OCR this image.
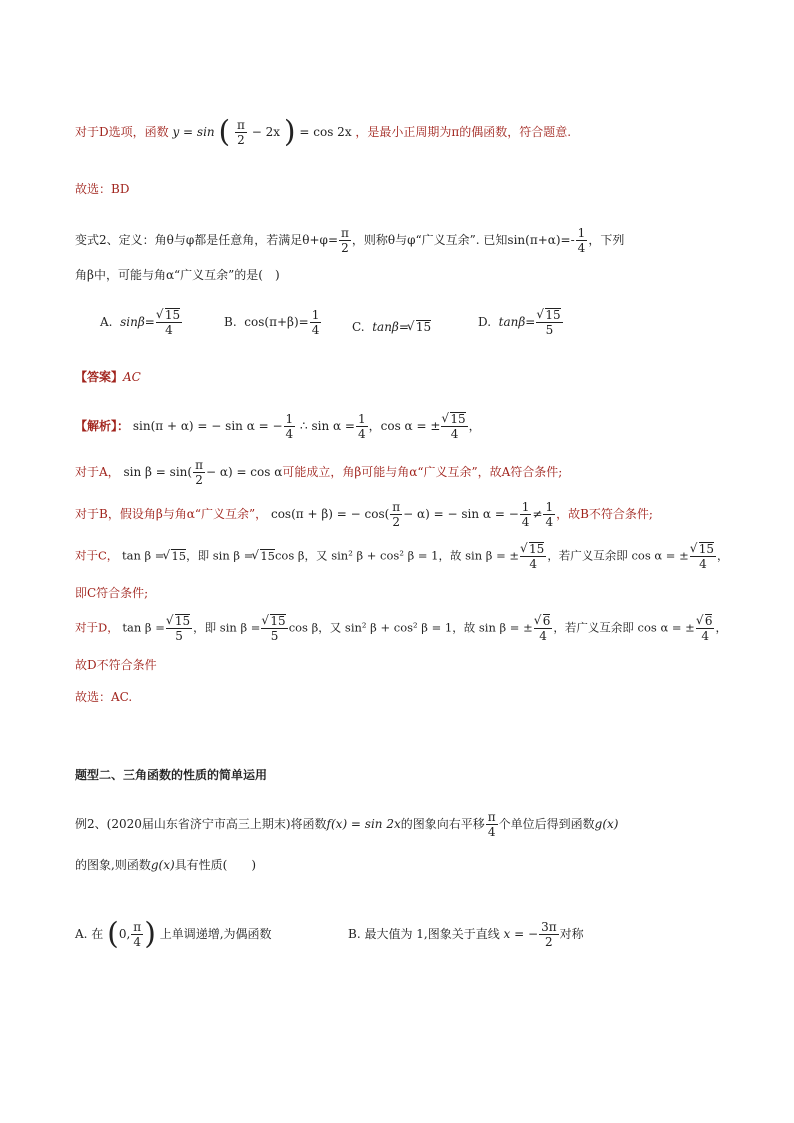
对于D选项，函数 y = sin ( $\frac{\pi}{2} - 2x$ ) = cos 2x ，是最小正周期为π的偶函数，符合题意.
故选：BD
变式2、定义：角θ与φ都是任意角，若满足$\theta+\varphi= \frac{\pi}{2}$ ，则称θ与φ“广义互余”. 已知$\sin(\pi+\alpha)=- \frac{1}{4}$ ，下列
角β中，可能与角α“广义互余”的是(　)
A. sinβ= √ $\frac{15}{4}$	B. $\cos(\pi+\beta)= \frac{1}{4}$	C. tanβ= √ 15	D. tanβ= √ $\frac{15}{5}$
【答案】AC
【解析】： sin(π + α) = − sin α = − $\frac{1}{4}$ ∴ $\sin \alpha = \frac{1}{4}$ ，cos α = ± √ $\frac{15}{4}$ ，
对于A， $\sin \beta = \sin( \frac{\pi}{2} - \alpha) = \cos \alpha$可能成立，角β可能与角α“广义互余”，故A符合条件;
对于B，假设角β与角α“广义互余”， cos(π + β) = − $\cos( \frac{\pi}{2} - \alpha)$ = − sin α = − $\frac{1}{4} \ne \frac{1}{4}$ ，故B不符合条件;
对于C， tan β = √ 15，即 sin β = √ 15cos β，又 sin² β + cos² β = 1，故 sin β = ± √ $\frac{15}{4}$ ，若广义互余即 cos α = ± √ $\frac{15}{4}$ ，
即C符合条件;
对于D， tan β = √ $\frac{15}{5}$ ，即 sin β = √ $\frac{15}{5}$ cos β，又 sin² β + cos² β = 1，故 sin β = ± √ $\frac{6}{4}$ ，若广义互余即 cos α = ± √ $\frac{6}{4}$ ，
故D不符合条件
故选：AC.
题型二、三角函数的性质的简单运用
例2、(2020届山东省济宁市高三上期末)将函数f(x) = sin 2x的图象向右平移 $\frac{\pi}{4}$ 个单位后得到函数g(x)
的图象,则函数g(x)具有性质(　　)
A. 在 (0, $\frac{\pi}{4}$ ) 上单调递增,为偶函数	B. 最大值为 1,图象关于直线 x = − $\frac{3\pi}{2}$ 对称
